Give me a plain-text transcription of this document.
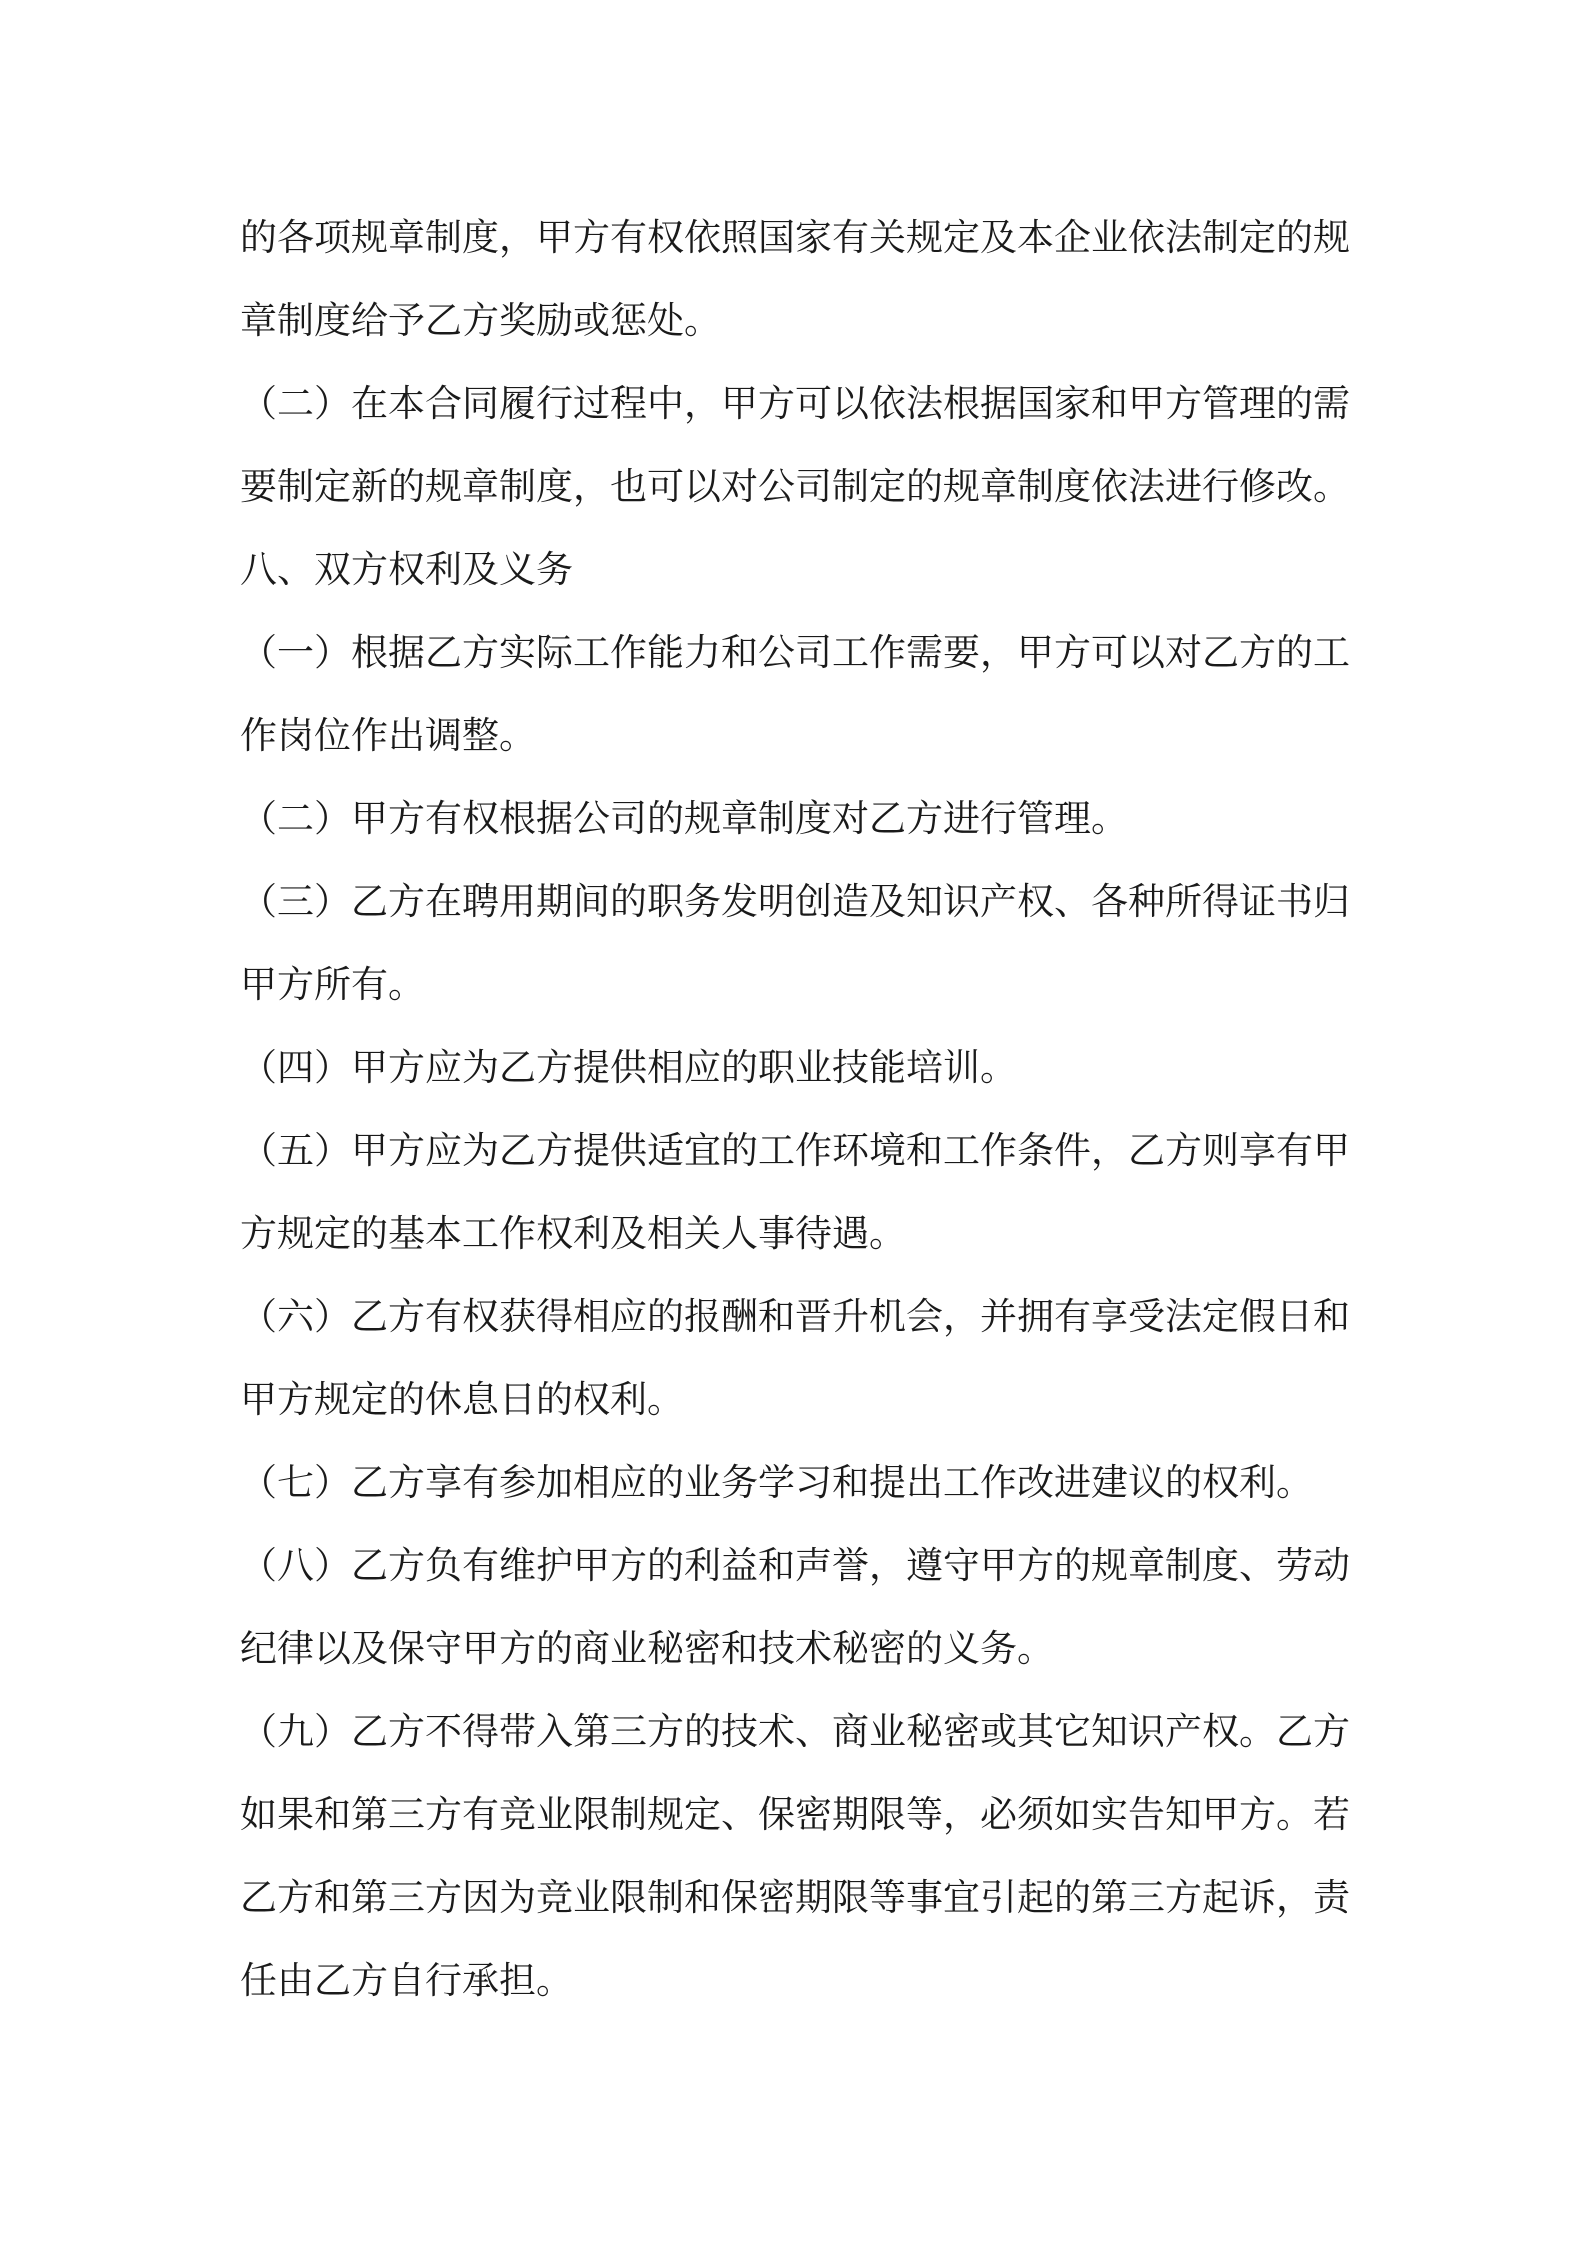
的各项规章制度，甲方有权依照国家有关规定及本企业依法制定的规
章制度给予乙方奖励或惩处。
（二）在本合同履行过程中，甲方可以依法根据国家和甲方管理的需
要制定新的规章制度，也可以对公司制定的规章制度依法进行修改。
八、双方权利及义务
（一）根据乙方实际工作能力和公司工作需要，甲方可以对乙方的工
作岗位作出调整。
（二）甲方有权根据公司的规章制度对乙方进行管理。
（三）乙方在聘用期间的职务发明创造及知识产权、各种所得证书归
甲方所有。
（四）甲方应为乙方提供相应的职业技能培训。
（五）甲方应为乙方提供适宜的工作环境和工作条件，乙方则享有甲
方规定的基本工作权利及相关人事待遇。
（六）乙方有权获得相应的报酬和晋升机会，并拥有享受法定假日和
甲方规定的休息日的权利。
（七）乙方享有参加相应的业务学习和提出工作改进建议的权利。
（八）乙方负有维护甲方的利益和声誉，遵守甲方的规章制度、劳动
纪律以及保守甲方的商业秘密和技术秘密的义务。
（九）乙方不得带入第三方的技术、商业秘密或其它知识产权。乙方
如果和第三方有竞业限制规定、保密期限等，必须如实告知甲方。若
乙方和第三方因为竞业限制和保密期限等事宜引起的第三方起诉，责
任由乙方自行承担。
